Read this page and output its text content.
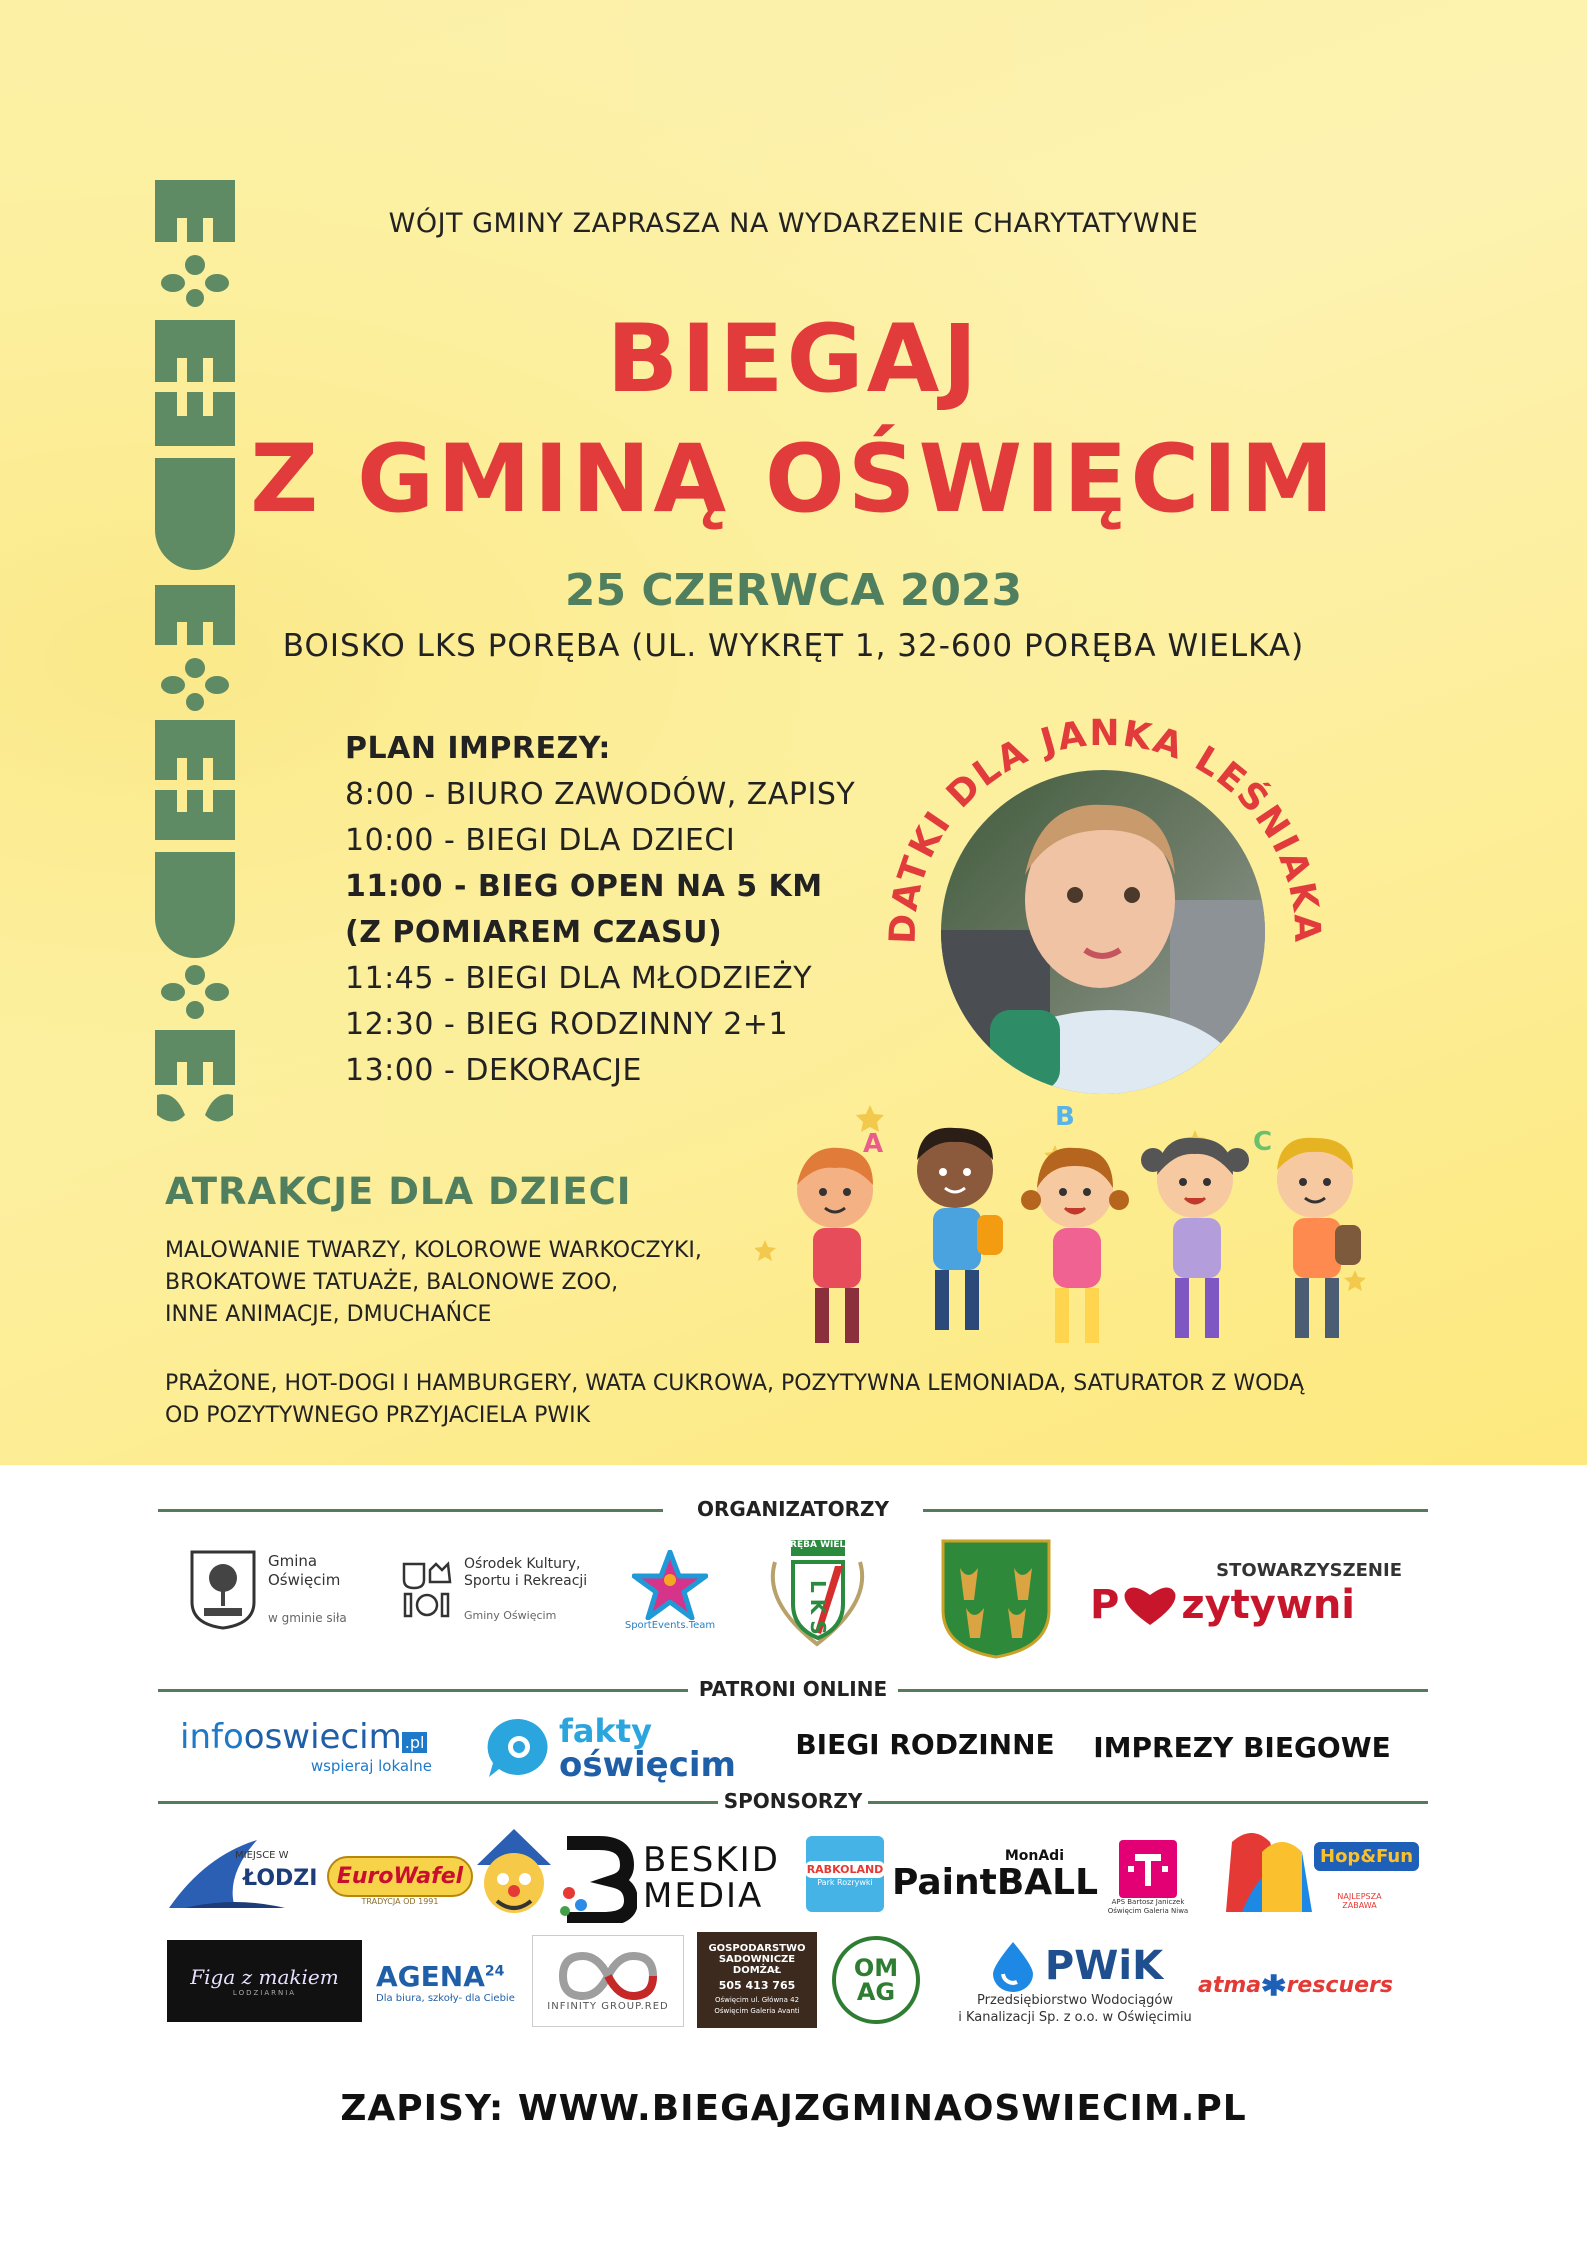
WÓJT GMINY ZAPRASZA NA WYDARZENIE CHARYTATYWNE
BIEGAJ
Z GMINĄ OŚWIĘCIM
25 CZERWCA 2023
BOISKO LKS PORĘBA (UL. WYKRĘT 1, 32-600 PORĘBA WIELKA)
PLAN IMPREZY:
8:00 - BIURO ZAWODÓW, ZAPISY
10:00 - BIEGI DLA DZIECI
11:00 - BIEG OPEN NA 5 KM
(Z POMIAREM CZASU)
11:45 - BIEGI DLA MŁODZIEŻY
12:30 - BIEG RODZINNY 2+1
13:00 - DEKORACJE
DATKI DLA JANKA LEŚNIAKA
ATRAKCJE DLA DZIECI
MALOWANIE TWARZY, KOLOROWE WARKOCZYKI,
BROKATOWE TATUAŻE, BALONOWE ZOO,
INNE ANIMACJE, DMUCHAŃCE
PRAŻONE, HOT-DOGI I HAMBURGERY, WATA CUKROWA, POZYTYWNA LEMONIADA, SATURATOR Z WODĄ
OD POZYTYWNEGO PRZYJACIELA PWIK
A
B
C
ORGANIZATORZY

Gmina
Oświęcim

w gminie siła

Ośrodek Kultury,
Sportu i Rekreacji

Gminy Oświęcim

SportEvents.Team
PORĘBA WIELKA
LKS
STOWARZYSZENIE
P zytywni
PATRONI ONLINE
infooswiecim .pl
wspieraj lokalne
fakty
oświęcim
BIEGI RODZINNE IMPREZY BIEGOWE
SPONSORZY
MIEJSCE W
ŁODZI EuroWafel
TRADYCJA OD 1991
BESKID
MEDIA
RABKOLAND
Park Rozrywki
MonAdi
PaintBALL	APS Bartosz Janiczek
Oświęcim Galeria Niwa
Hop&Fun
NAJLEPSZA ZABAWA
Figa z makiem
LODZIARNIA	AGENA$^{24}$
Dla biura, szkoły- dla Ciebie
INFINITY GROUP.RED
GOSPODARSTWO
SADOWNICZE
DOMŻAŁ
505 413 765
Oświęcim ul. Główna 42
Oświęcim Galeria Avanti
OM
AG
PWiK
Przedsiębiorstwo Wodociągów
i Kanalizacji Sp. z o.o. w Oświęcimiu
atma rescuers
ZAPISY: WWW.BIEGAJZGMINAOSWIECIM.PL
